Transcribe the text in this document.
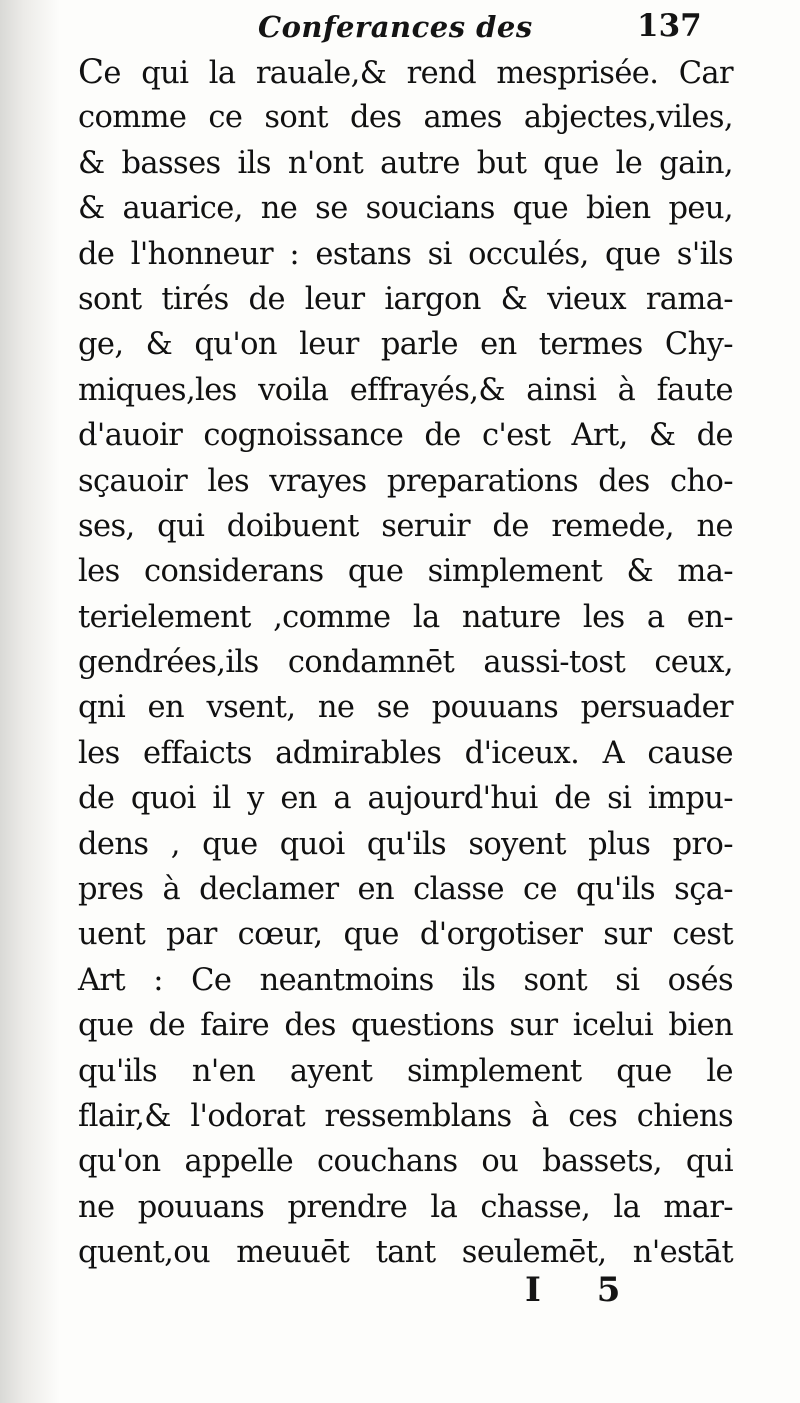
Conferances des	137
Ce qui la rauale,& rend mesprisée. Car
comme ce sont des ames abjectes,viles,
& basses ils n'ont autre but que le gain,
& auarice, ne se soucians que bien peu,
de l'honneur : estans si occulés, que s'ils
sont tirés de leur iargon & vieux rama-
ge, & qu'on leur parle en termes Chy-
miques,les voila effrayés,& ainsi à faute
d'auoir cognoissance de c'est Art, & de
sçauoir les vrayes preparations des cho-
ses, qui doibuent seruir de remede, ne
les considerans que simplement & ma-
terielement ,comme la nature les a en-
gendrées,ils condamnēt aussi-tost ceux,
qni en vsent, ne se pouuans persuader
les effaicts admirables d'iceux. A cause
de quoi il y en a aujourd'hui de si impu-
dens , que quoi qu'ils soyent plus pro-
pres à declamer en classe ce qu'ils sça-
uent par cœur, que d'orgotiser sur cest
Art : Ce neantmoins ils sont si osés
que de faire des questions sur icelui bien
qu'ils n'en ayent simplement que le
flair,& l'odorat ressemblans à ces chiens
qu'on appelle couchans ou bassets, qui
ne pouuans prendre la chasse, la mar-
quent,ou meuuēt tant seulemēt, n'estāt
I 5
